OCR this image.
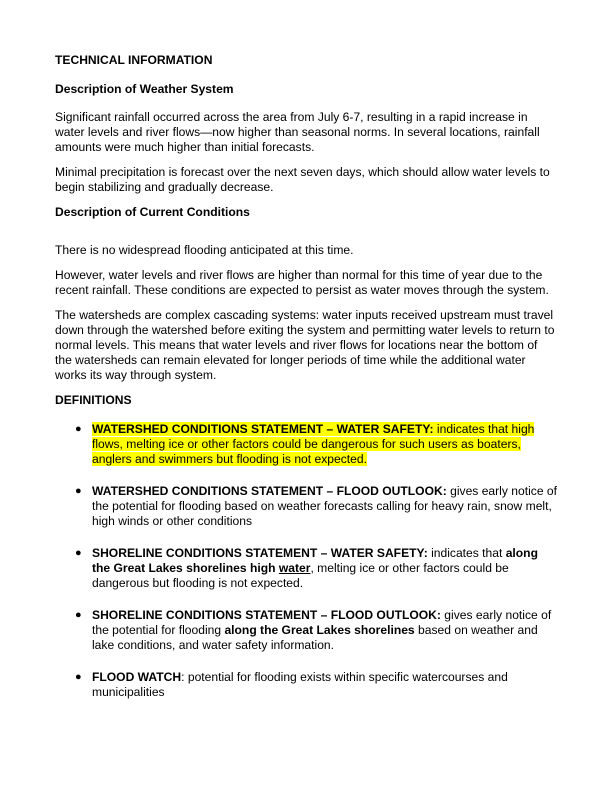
TECHNICAL INFORMATION
Description of Weather System

Significant rainfall occurred across the area from July 6-7, resulting in a rapid increase in water levels and river flows—now higher than seasonal norms. In several locations, rainfall amounts were much higher than initial forecasts.

Minimal precipitation is forecast over the next seven days, which should allow water levels to begin stabilizing and gradually decrease.

Description of Current Conditions

There is no widespread flooding anticipated at this time.

However, water levels and river flows are higher than normal for this time of year due to the recent rainfall. These conditions are expected to persist as water moves through the system.

The watersheds are complex cascading systems: water inputs received upstream must travel down through the watershed before exiting the system and permitting water levels to return to normal levels. This means that water levels and river flows for locations near the bottom of the watersheds can remain elevated for longer periods of time while the additional water works its way through system.

DEFINITIONS
● WATERSHED CONDITIONS STATEMENT – WATER SAFETY: indicates that high flows, melting ice or other factors could be dangerous for such users as boaters, anglers and swimmers but flooding is not expected.
● WATERSHED CONDITIONS STATEMENT – FLOOD OUTLOOK: gives early notice of the potential for flooding based on weather forecasts calling for heavy rain, snow melt, high winds or other conditions
● SHORELINE CONDITIONS STATEMENT – WATER SAFETY: indicates that along the Great Lakes shorelines high water, melting ice or other factors could be dangerous but flooding is not expected.
● SHORELINE CONDITIONS STATEMENT – FLOOD OUTLOOK: gives early notice of the potential for flooding along the Great Lakes shorelines based on weather and lake conditions, and water safety information.
● FLOOD WATCH: potential for flooding exists within specific watercourses and municipalities
